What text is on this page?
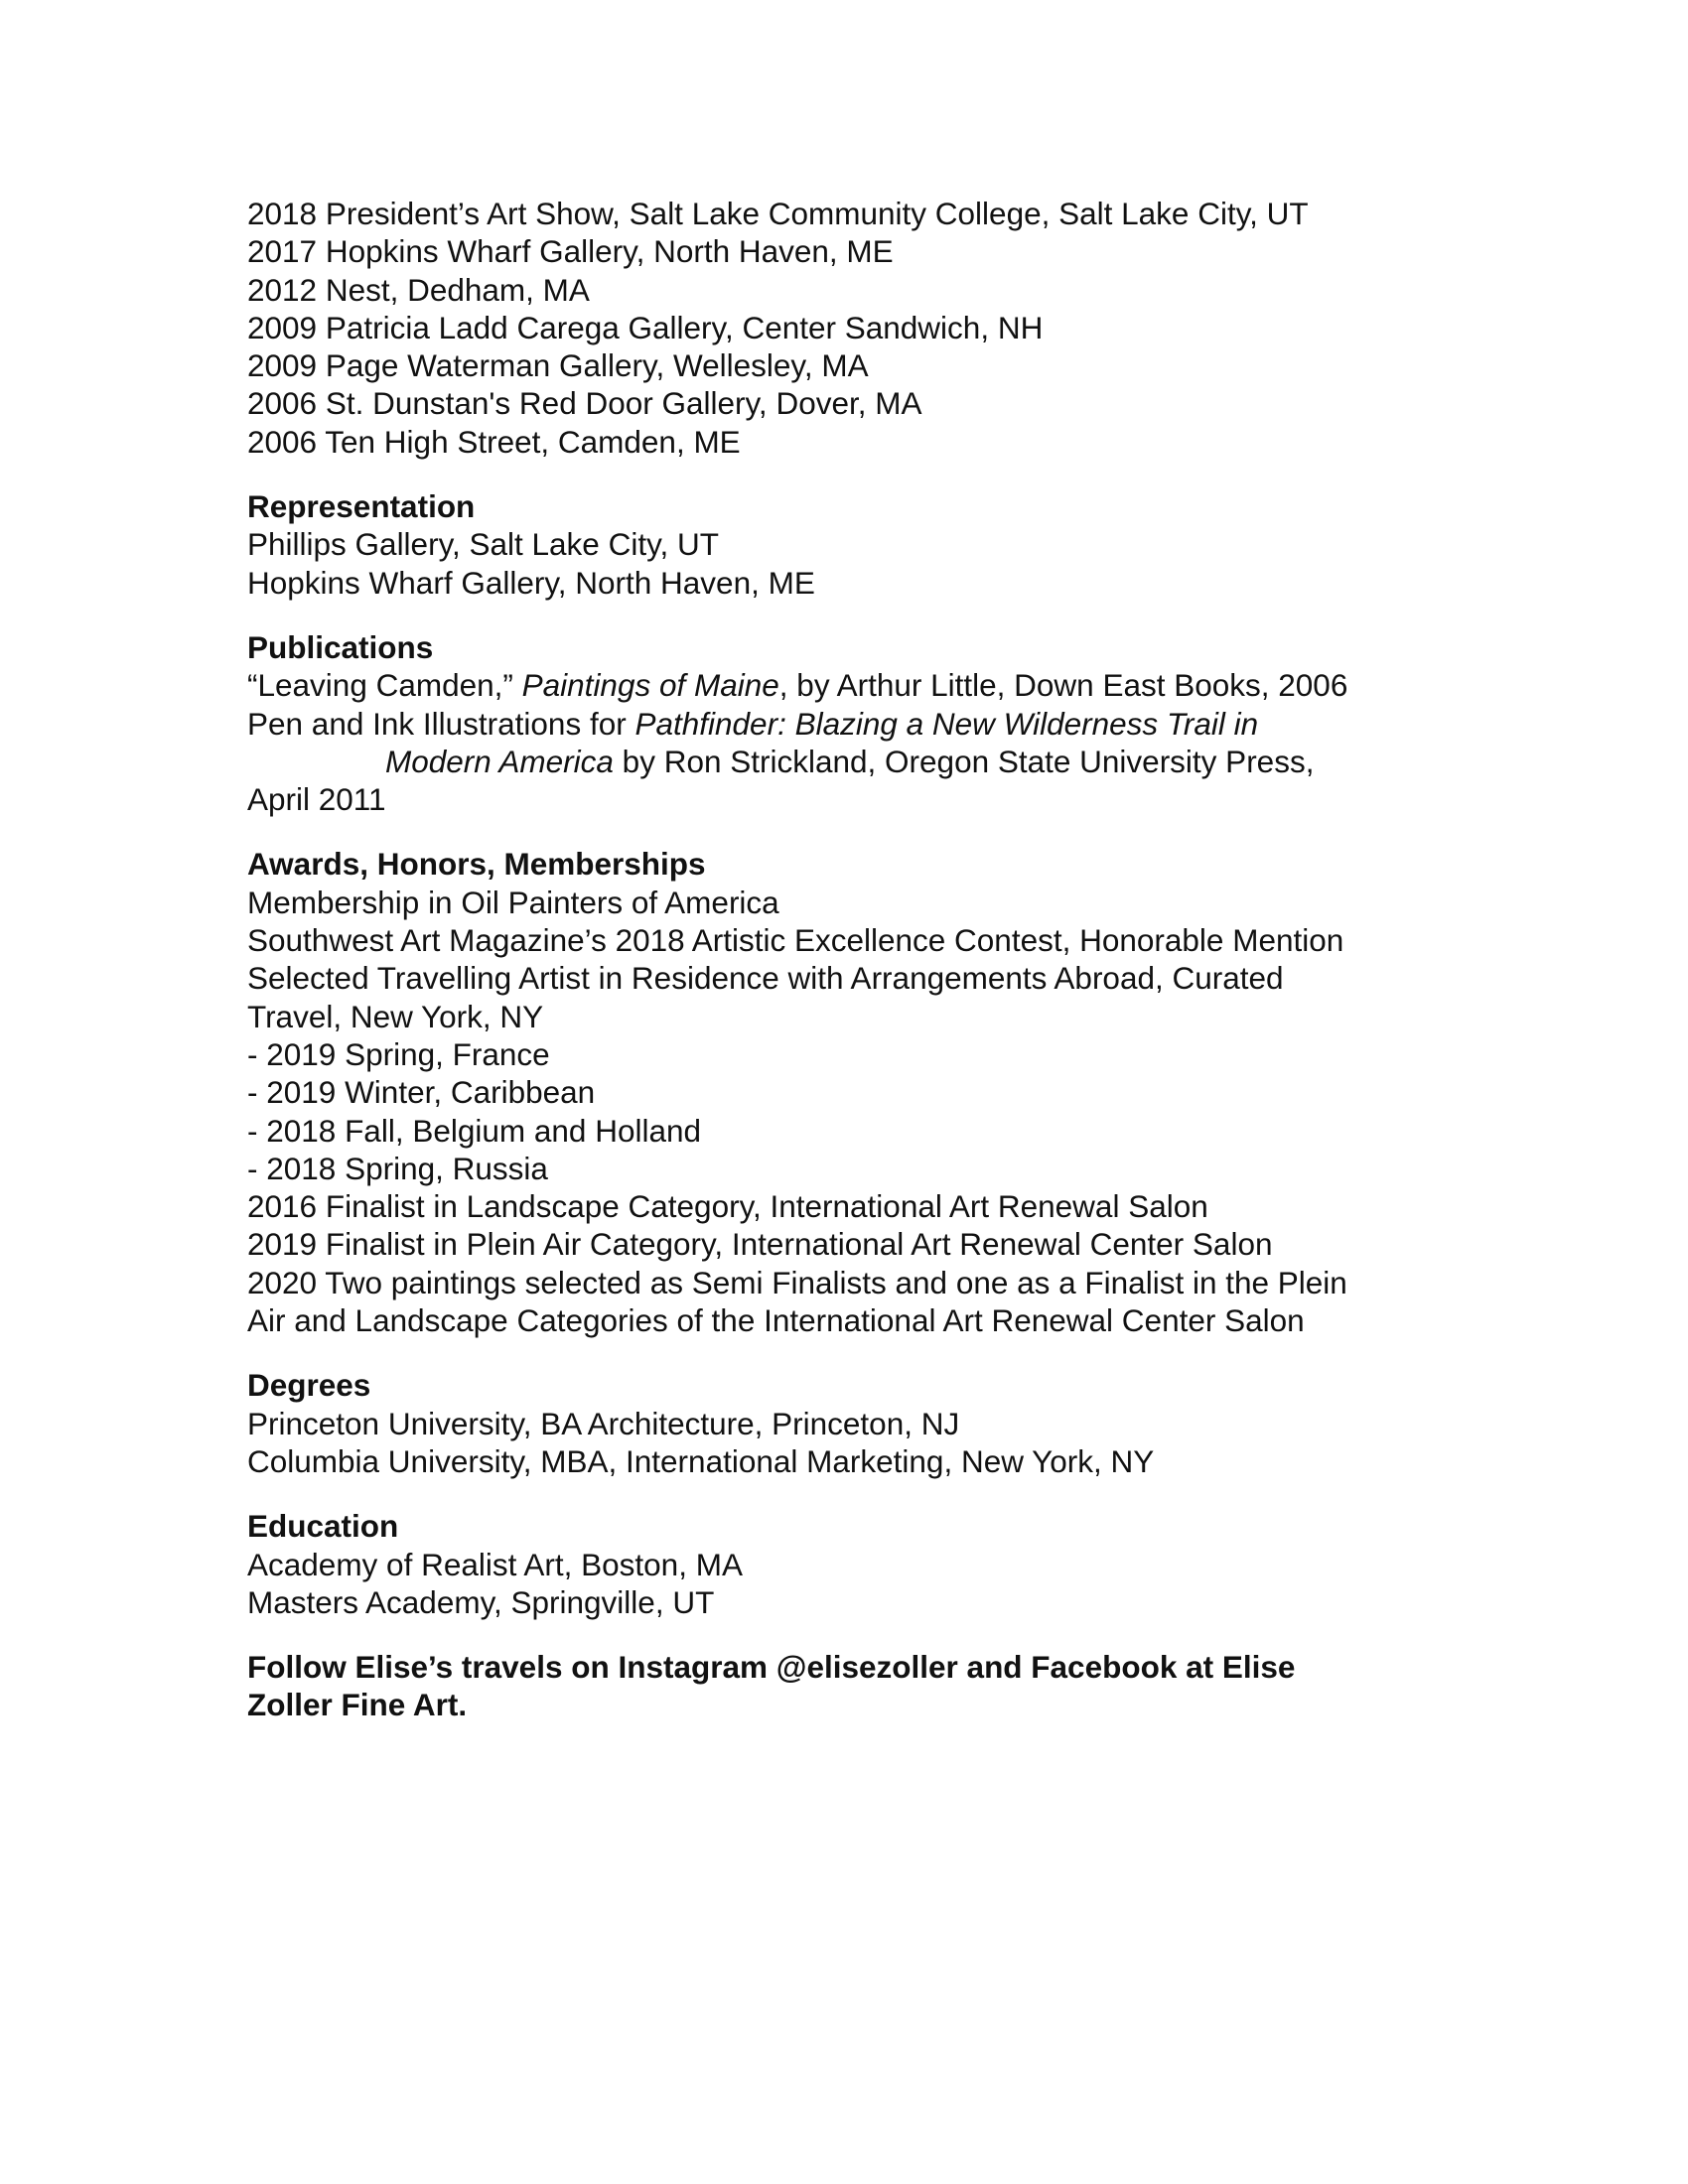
2018 President’s Art Show, Salt Lake Community College, Salt Lake City, UT
2017 Hopkins Wharf Gallery, North Haven, ME
2012 Nest, Dedham, MA
2009 Patricia Ladd Carega Gallery, Center Sandwich, NH
2009 Page Waterman Gallery, Wellesley, MA
2006 St. Dunstan's Red Door Gallery, Dover, MA
2006 Ten High Street, Camden, ME
Representation
Phillips Gallery, Salt Lake City, UT
Hopkins Wharf Gallery, North Haven, ME
Publications
“Leaving Camden,” Paintings of Maine, by Arthur Little, Down East Books, 2006
Pen and Ink Illustrations for Pathfinder: Blazing a New Wilderness Trail in
Modern America by Ron Strickland, Oregon State University Press,
April 2011
Awards, Honors, Memberships
Membership in Oil Painters of America
Southwest Art Magazine’s 2018 Artistic Excellence Contest, Honorable Mention
Selected Travelling Artist in Residence with Arrangements Abroad, Curated
Travel, New York, NY
- 2019 Spring, France
- 2019 Winter, Caribbean
- 2018 Fall, Belgium and Holland
- 2018 Spring, Russia
2016 Finalist in Landscape Category, International Art Renewal Salon
2019 Finalist in Plein Air Category, International Art Renewal Center Salon
2020 Two paintings selected as Semi Finalists and one as a Finalist in the Plein
Air and Landscape Categories of the International Art Renewal Center Salon
Degrees
Princeton University, BA Architecture, Princeton, NJ
Columbia University, MBA, International Marketing, New York, NY
Education
Academy of Realist Art, Boston, MA
Masters Academy, Springville, UT
Follow Elise’s travels on Instagram @elisezoller and Facebook at Elise
Zoller Fine Art.
